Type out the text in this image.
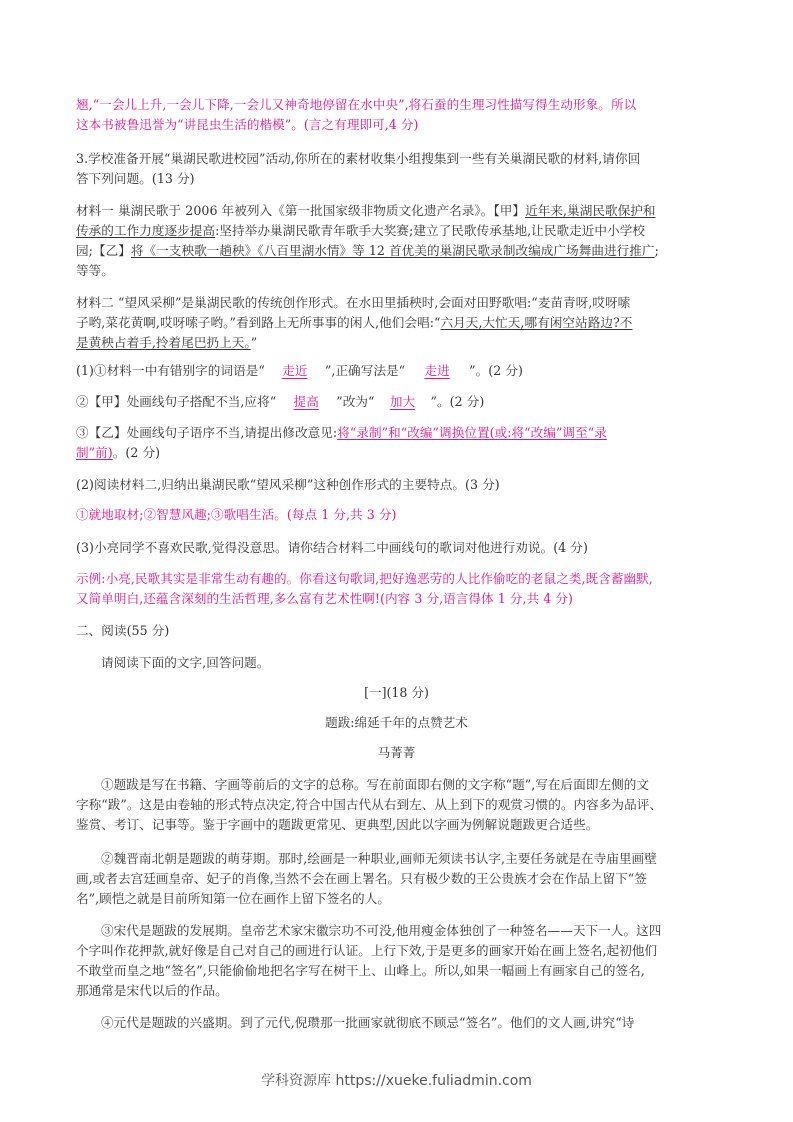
翘,“一会儿上升,一会儿下降,一会儿又神奇地停留在水中央”,将石蚕的生理习性描写得生动形象。所以
这本书被鲁迅誉为“讲昆虫生活的楷模”。(言之有理即可,4 分)
3.学校准备开展“巢湖民歌进校园”活动,你所在的素材收集小组搜集到一些有关巢湖民歌的材料,请你回
答下列问题。(13 分)
材料一 巢湖民歌于 2006 年被列入《第一批国家级非物质文化遗产名录》。【甲】近年来,巢湖民歌保护和
传承的工作力度逐步提高:坚持举办巢湖民歌青年歌手大奖赛;建立了民歌传承基地,让民歌走近中小学校
园;【乙】将《一支秧歌一趟秧》《八百里湖水情》等 12 首优美的巢湖民歌录制改编成广场舞曲进行推广;
等等。
材料二 “望风采柳”是巢湖民歌的传统创作形式。在水田里插秧时,会面对田野歌唱:“麦苗青呀,哎呀嗦
子哟,菜花黄啊,哎呀嗦子哟。”看到路上无所事事的闲人,他们会唱:“六月天,大忙天,哪有闲空站路边?不
是黄秧占着手,拎着尾巴扔上天。”
(1)①材料一中有错别字的词语是“ 走近 ”,正确写法是“ 走进 ”。(2 分)
②【甲】处画线句子搭配不当,应将“ 提高 ”改为“ 加大 ”。(2 分)
③【乙】处画线句子语序不当,请提出修改意见:将“录制”和“改编”调换位置(或:将“改编”调至“录
制”前)。(2 分)
(2)阅读材料二,归纳出巢湖民歌“望风采柳”这种创作形式的主要特点。(3 分)
①就地取材;②智慧风趣;③歌唱生活。(每点 1 分,共 3 分)
(3)小亮同学不喜欢民歌,觉得没意思。请你结合材料二中画线句的歌词对他进行劝说。(4 分)
示例:小亮,民歌其实是非常生动有趣的。你看这句歌词,把好逸恶劳的人比作偷吃的老鼠之类,既含蓄幽默,
又简单明白,还蕴含深刻的生活哲理,多么富有艺术性啊!(内容 3 分,语言得体 1 分,共 4 分)
二、阅读(55 分)
请阅读下面的文字,回答问题。
[一](18 分)
题跋:绵延千年的点赞艺术
马菁菁
①题跋是写在书籍、字画等前后的文字的总称。写在前面即右侧的文字称“题”,写在后面即左侧的文
字称“跋”。这是由卷轴的形式特点决定,符合中国古代从右到左、从上到下的观赏习惯的。内容多为品评、
鉴赏、考订、记事等。鉴于字画中的题跋更常见、更典型,因此以字画为例解说题跋更合适些。
②魏晋南北朝是题跋的萌芽期。那时,绘画是一种职业,画师无须读书认字,主要任务就是在寺庙里画壁
画,或者去宫廷画皇帝、妃子的肖像,当然不会在画上署名。只有极少数的王公贵族才会在作品上留下“签
名”,顾恺之就是目前所知第一位在画作上留下签名的人。
③宋代是题跋的发展期。皇帝艺术家宋徽宗功不可没,他用瘦金体独创了一种签名——天下一人。这四
个字叫作花押款,就好像是自己对自己的画进行认证。上行下效,于是更多的画家开始在画上签名,起初他们
不敢堂而皇之地“签名”,只能偷偷地把名字写在树干上、山峰上。所以,如果一幅画上有画家自己的签名,
那通常是宋代以后的作品。
④元代是题跋的兴盛期。到了元代,倪瓒那一批画家就彻底不顾忌“签名”。他们的文人画,讲究“诗
学科资源库 https://xueke.fuliadmin.com
